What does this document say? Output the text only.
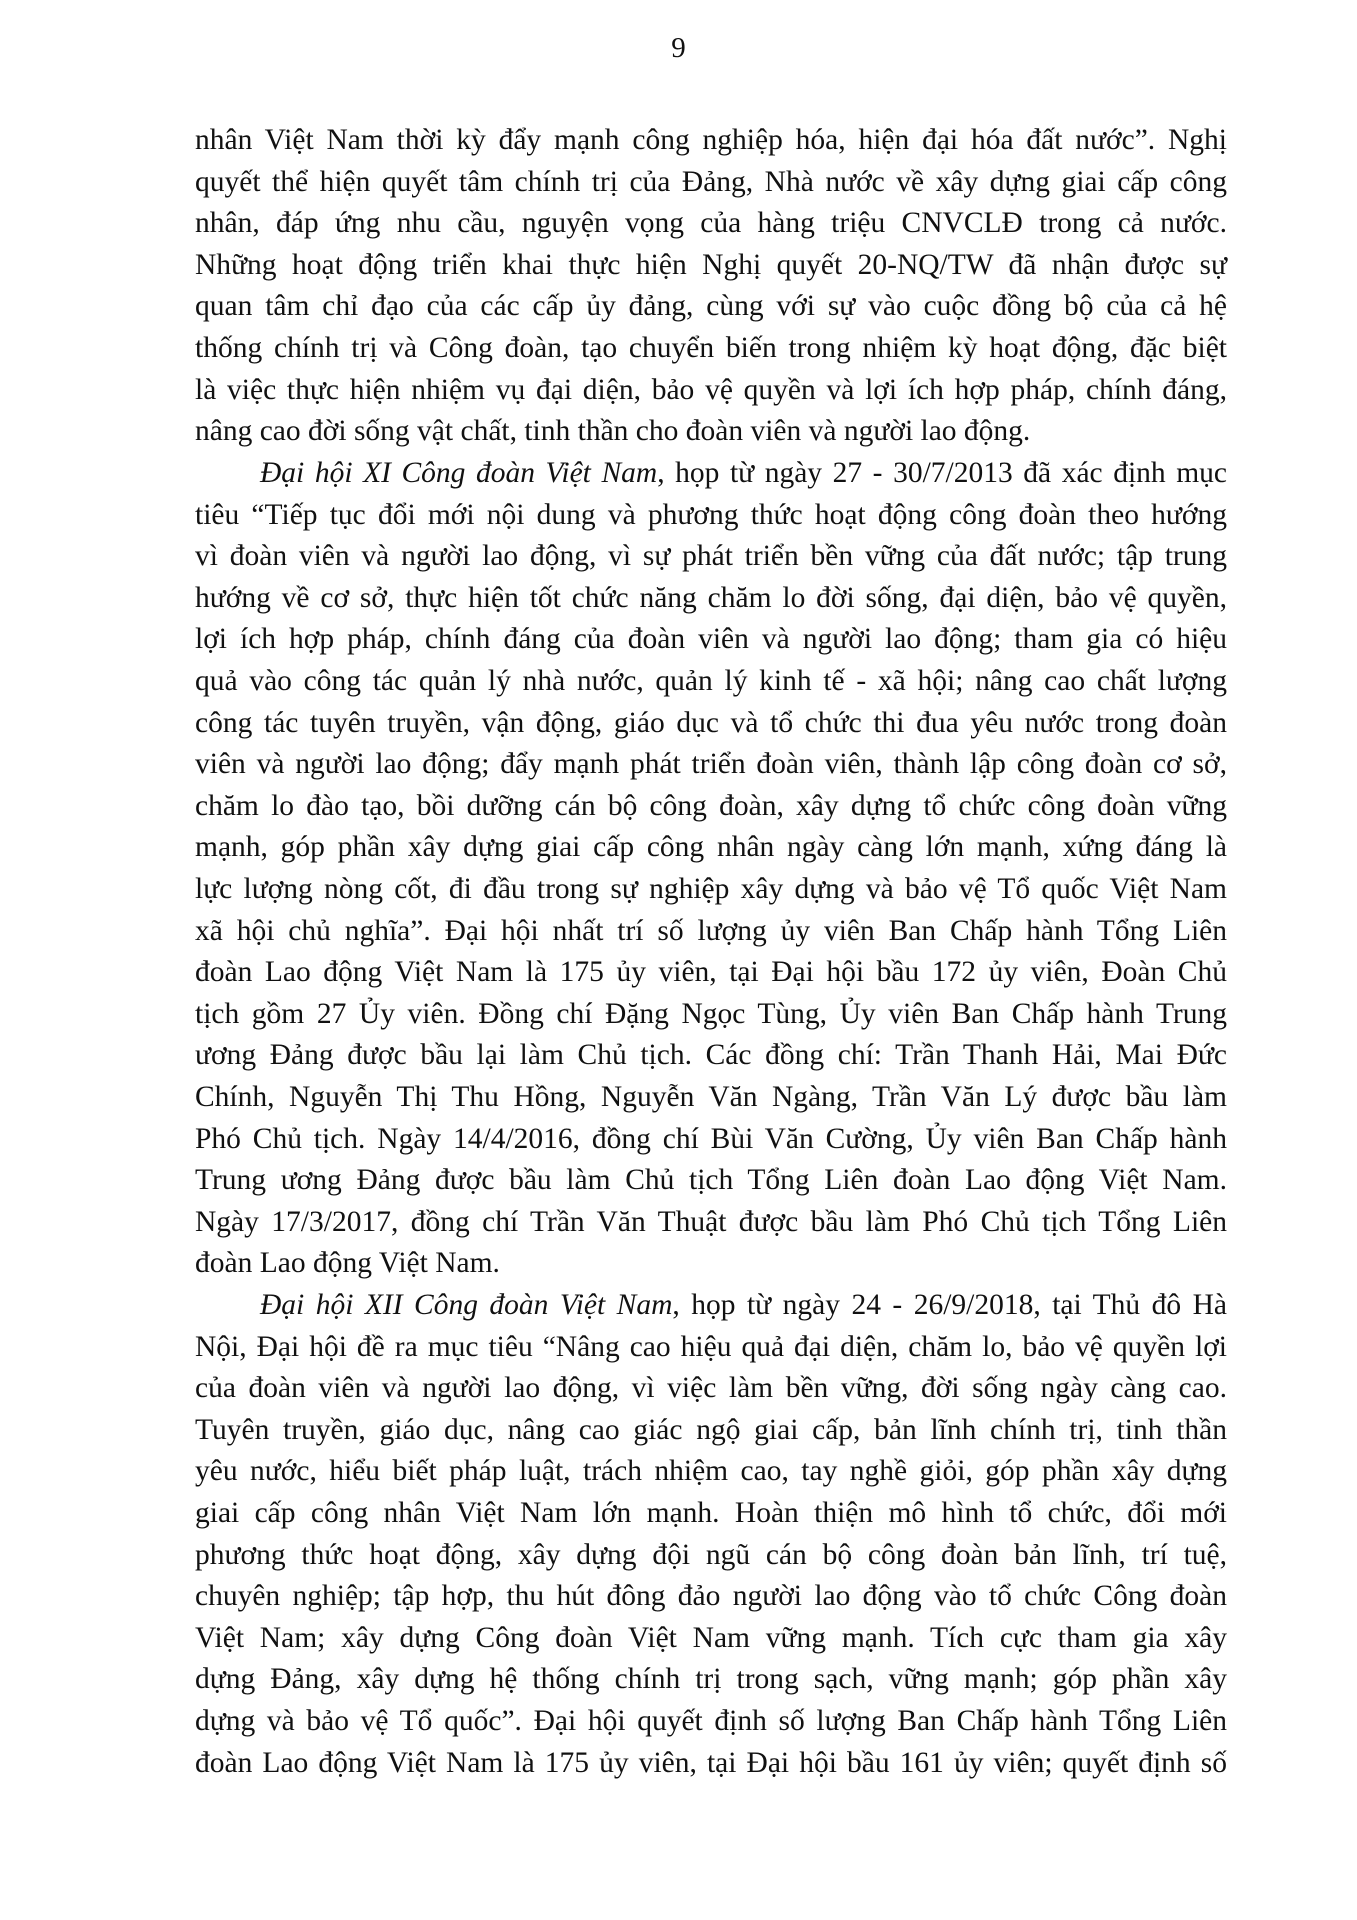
9
nhân Việt Nam thời kỳ đẩy mạnh công nghiệp hóa, hiện đại hóa đất nước”. Nghị
quyết thể hiện quyết tâm chính trị của Đảng, Nhà nước về xây dựng giai cấp công
nhân, đáp ứng nhu cầu, nguyện vọng của hàng triệu CNVCLĐ trong cả nước.
Những hoạt động triển khai thực hiện Nghị quyết 20-NQ/TW đã nhận được sự
quan tâm chỉ đạo của các cấp ủy đảng, cùng với sự vào cuộc đồng bộ của cả hệ
thống chính trị và Công đoàn, tạo chuyển biến trong nhiệm kỳ hoạt động, đặc biệt
là việc thực hiện nhiệm vụ đại diện, bảo vệ quyền và lợi ích hợp pháp, chính đáng,
nâng cao đời sống vật chất, tinh thần cho đoàn viên và người lao động.
Đại hội XI Công đoàn Việt Nam, họp từ ngày 27 - 30/7/2013 đã xác định mục
tiêu “Tiếp tục đổi mới nội dung và phương thức hoạt động công đoàn theo hướng
vì đoàn viên và người lao động, vì sự phát triển bền vững của đất nước; tập trung
hướng về cơ sở, thực hiện tốt chức năng chăm lo đời sống, đại diện, bảo vệ quyền,
lợi ích hợp pháp, chính đáng của đoàn viên và người lao động; tham gia có hiệu
quả vào công tác quản lý nhà nước, quản lý kinh tế - xã hội; nâng cao chất lượng
công tác tuyên truyền, vận động, giáo dục và tổ chức thi đua yêu nước trong đoàn
viên và người lao động; đẩy mạnh phát triển đoàn viên, thành lập công đoàn cơ sở,
chăm lo đào tạo, bồi dưỡng cán bộ công đoàn, xây dựng tổ chức công đoàn vững
mạnh, góp phần xây dựng giai cấp công nhân ngày càng lớn mạnh, xứng đáng là
lực lượng nòng cốt, đi đầu trong sự nghiệp xây dựng và bảo vệ Tổ quốc Việt Nam
xã hội chủ nghĩa”. Đại hội nhất trí số lượng ủy viên Ban Chấp hành Tổng Liên
đoàn Lao động Việt Nam là 175 ủy viên, tại Đại hội bầu 172 ủy viên, Đoàn Chủ
tịch gồm 27 Ủy viên. Đồng chí Đặng Ngọc Tùng, Ủy viên Ban Chấp hành Trung
ương Đảng được bầu lại làm Chủ tịch. Các đồng chí: Trần Thanh Hải, Mai Đức
Chính, Nguyễn Thị Thu Hồng, Nguyễn Văn Ngàng, Trần Văn Lý được bầu làm
Phó Chủ tịch. Ngày 14/4/2016, đồng chí Bùi Văn Cường, Ủy viên Ban Chấp hành
Trung ương Đảng được bầu làm Chủ tịch Tổng Liên đoàn Lao động Việt Nam.
Ngày 17/3/2017, đồng chí Trần Văn Thuật được bầu làm Phó Chủ tịch Tổng Liên
đoàn Lao động Việt Nam.
Đại hội XII Công đoàn Việt Nam, họp từ ngày 24 - 26/9/2018, tại Thủ đô Hà
Nội, Đại hội đề ra mục tiêu “Nâng cao hiệu quả đại diện, chăm lo, bảo vệ quyền lợi
của đoàn viên và người lao động, vì việc làm bền vững, đời sống ngày càng cao.
Tuyên truyền, giáo dục, nâng cao giác ngộ giai cấp, bản lĩnh chính trị, tinh thần
yêu nước, hiểu biết pháp luật, trách nhiệm cao, tay nghề giỏi, góp phần xây dựng
giai cấp công nhân Việt Nam lớn mạnh. Hoàn thiện mô hình tổ chức, đổi mới
phương thức hoạt động, xây dựng đội ngũ cán bộ công đoàn bản lĩnh, trí tuệ,
chuyên nghiệp; tập hợp, thu hút đông đảo người lao động vào tổ chức Công đoàn
Việt Nam; xây dựng Công đoàn Việt Nam vững mạnh. Tích cực tham gia xây
dựng Đảng, xây dựng hệ thống chính trị trong sạch, vững mạnh; góp phần xây
dựng và bảo vệ Tổ quốc”. Đại hội quyết định số lượng Ban Chấp hành Tổng Liên
đoàn Lao động Việt Nam là 175 ủy viên, tại Đại hội bầu 161 ủy viên; quyết định số
